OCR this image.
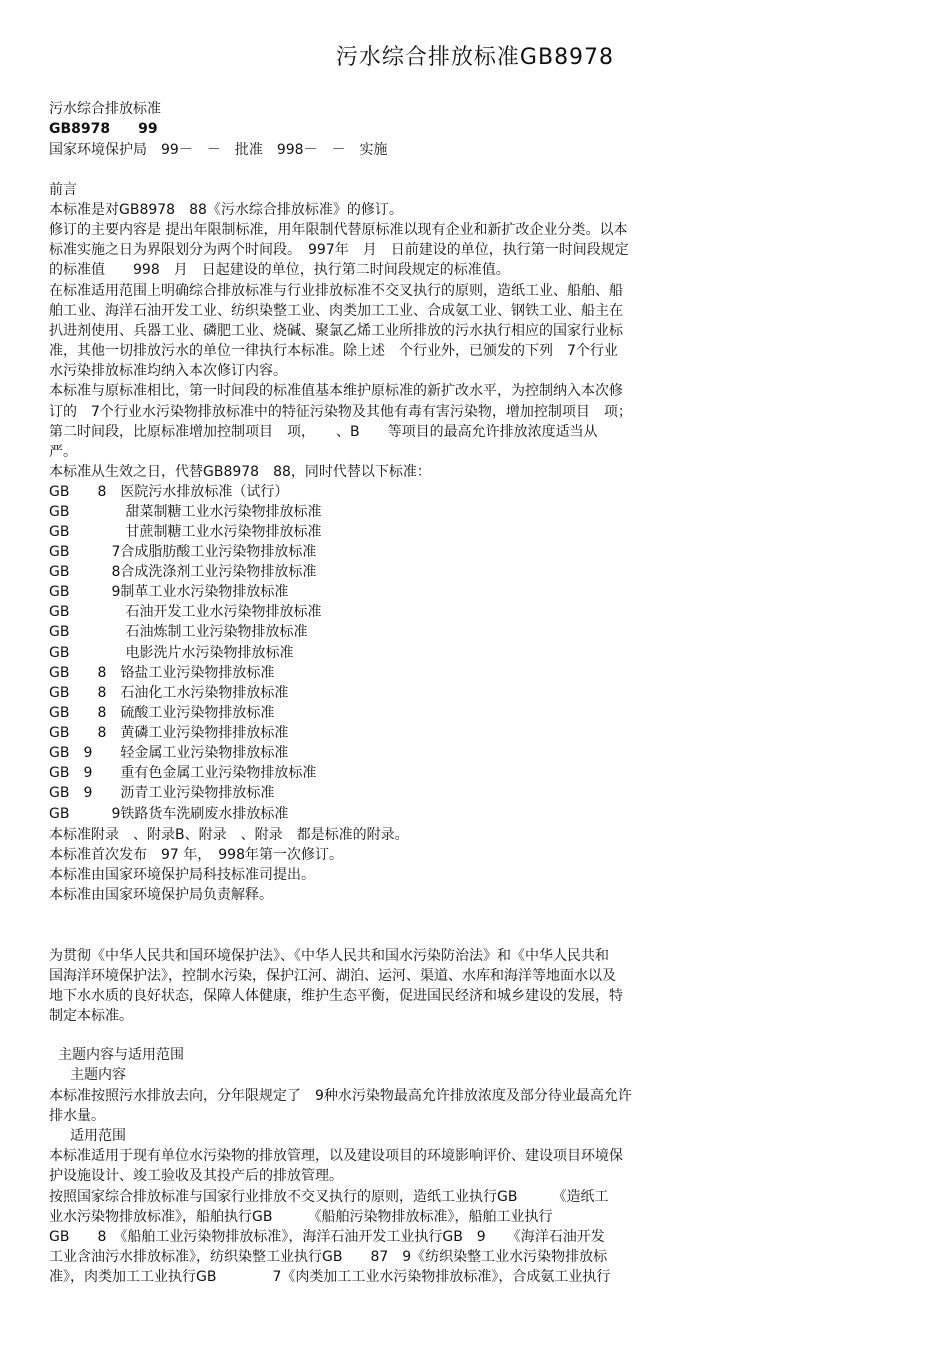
污水综合排放标准GB8978
污水综合排放标准
GB8978　　99
国家环境保护局　99－　－　批准　998－　－　实施
前言
本标准是对GB8978　88《污水综合排放标准》的修订。
修订的主要内容是 提出年限制标准，用年限制代替原标准以现有企业和新扩改企业分类。以本
标准实施之日为界限划分为两个时间段。　997年　月　日前建设的单位，执行第一时间段规定
的标准值　　998　月　日起建设的单位，执行第二时间段规定的标准值。
在标准适用范围上明确综合排放标准与行业排放标准不交叉执行的原则，造纸工业、船舶、船
舶工业、海洋石油开发工业、纺织染整工业、肉类加工工业、合成氨工业、钢铁工业、船主在
扒进剂使用、兵器工业、磷肥工业、烧碱、聚氯乙烯工业所排放的污水执行相应的国家行业标
准，其他一切排放污水的单位一律执行本标准。除上述　个行业外，已颁发的下列　7个行业
水污染排放标准均纳入本次修订内容。
本标准与原标准相比，第一时间段的标准值基本维护原标准的新扩改水平，为控制纳入本次修
订的　7个行业水污染物排放标准中的特征污染物及其他有毒有害污染物，增加控制项目　项；
第二时间段，比原标准增加控制项目　项，　　、B　　等项目的最高允许排放浓度适当从
严。
本标准从生效之日，代替GB8978　88，同时代替以下标准：
GB　　8　医院污水排放标准（试行）
GB　　　　甜菜制糖工业水污染物排放标准
GB　　　　甘蔗制糖工业水污染物排放标准
GB　　　7合成脂肪酸工业污染物排放标准
GB　　　8合成洗涤剂工业污染物排放标准
GB　　　9制革工业水污染物排放标准
GB　　　　石油开发工业水污染物排放标准
GB　　　　石油炼制工业污染物排放标准
GB　　　　电影洗片水污染物排放标准
GB　　8　铬盐工业污染物排放标准
GB　　8　石油化工水污染物排放标准
GB　　8　硫酸工业污染物排放标准
GB　　8　黄磷工业污染物排排放标准
GB　9　　轻金属工业污染物排放标准
GB　9　　重有色金属工业污染物排放标准
GB　9　　沥青工业污染物排放标准
GB　　　9铁路货车洗刷废水排放标准
本标准附录　、附录B、附录　、附录　都是标准的附录。
本标准首次发布　97 年，　998年第一次修订。
本标准由国家环境保护局科技标准司提出。
本标准由国家环境保护局负责解释。
为贯彻《中华人民共和国环境保护法》、《中华人民共和国水污染防治法》和《中华人民共和
国海洋环境保护法》，控制水污染，保护江河、湖泊、运河、渠道、水库和海洋等地面水以及
地下水水质的良好状态，保障人体健康，维护生态平衡，促进国民经济和城乡建设的发展，特
制定本标准。
主题内容与适用范围
主题内容
本标准按照污水排放去向，分年限规定了　9种水污染物最高允许排放浓度及部分待业最高允许
排水量。
适用范围
本标准适用于现有单位水污染物的排放管理，以及建设项目的环境影响评价、建设项目环境保
护设施设计、竣工验收及其投产后的排放管理。
按照国家综合排放标准与国家行业排放不交叉执行的原则，造纸工业执行GB　　　《造纸工
业水污染物排放标准》，船舶执行GB　　　《船舶污染物排放标准》，船舶工业执行
GB　　8　《船舶工业污染物排放标准》，海洋石油开发工业执行GB　9　　《海洋石油开发
工业含油污水排放标准》，纺织染整工业执行GB　　87　9《纺织染整工业水污染物排放标
准》，肉类加工工业执行GB　　　　7《肉类加工工业水污染物排放标准》，合成氨工业执行
